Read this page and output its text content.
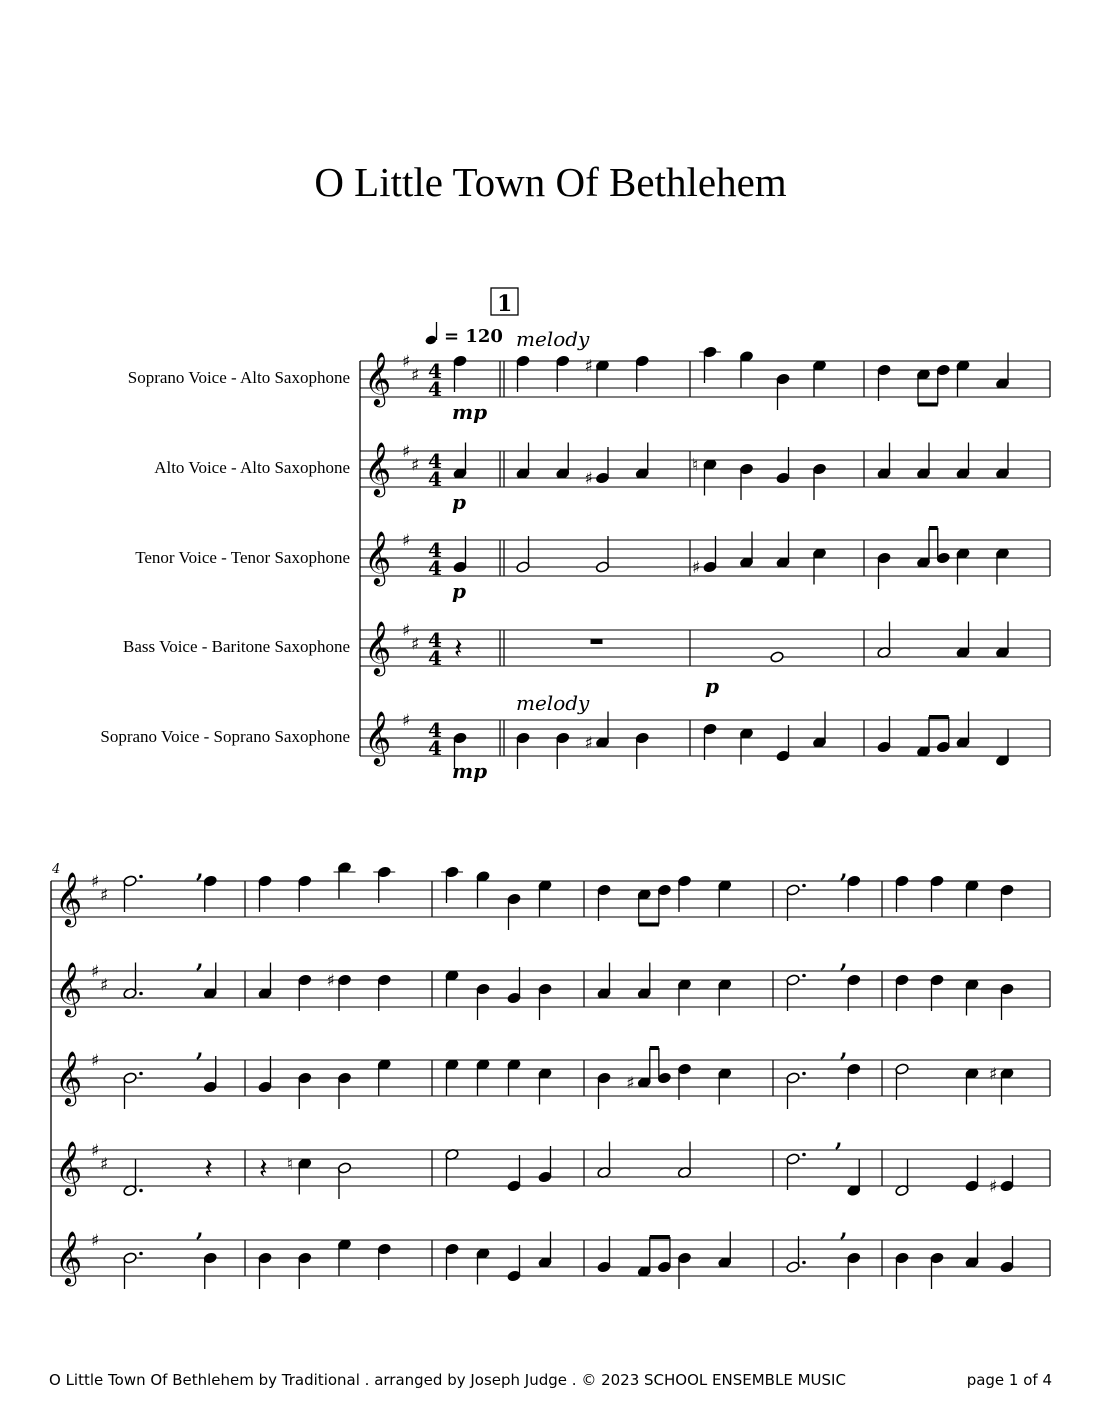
O Little Town Of Bethlehem
Soprano Voice - Alto Saxophone
Alto Voice - Alto Saxophone
Tenor Voice - Tenor Saxophone
Bass Voice - Baritone Saxophone
Soprano Voice - Soprano Saxophone
𝄞 ♯
♯ 4
4
♯
mp
𝄞 ♯
♯ 4
4	♯
♮
p
𝄞 ♯ 4
4	♯
p
𝄞 ♯
♯ 4
4 𝄽
p
𝄞 ♯ 4
4	♯
mp
1
= 120 melody
melody
4
𝄞 ♯
♯
,	,
𝄞 ♯
♯	♯
,	,
𝄞 ♯
♯	♯
,	,
𝄞 ♯
♯	𝄽 𝄽 ♮
♯
,
𝄞 ♯	,	,
O Little Town Of Bethlehem by Traditional . arranged by Joseph Judge . © 2023 SCHOOL ENSEMBLE MUSIC	page 1 of 4
